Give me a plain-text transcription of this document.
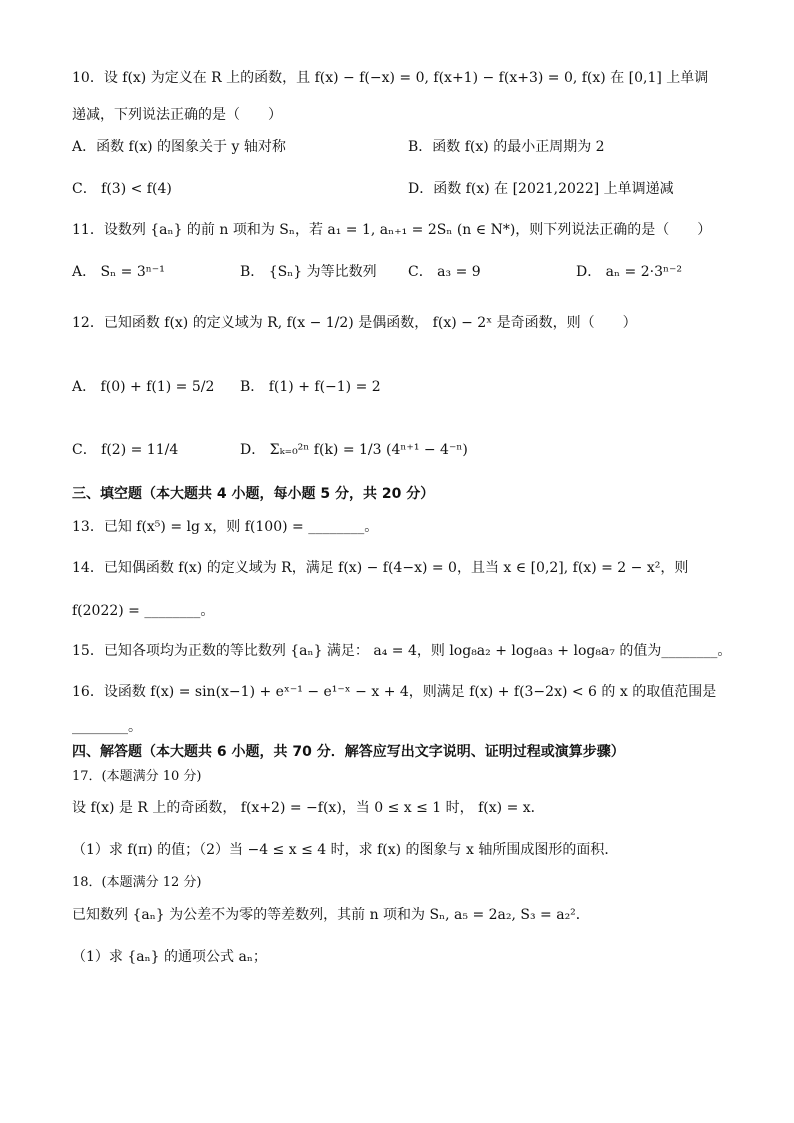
10．设 f(x) 为定义在 R 上的函数，且 f(x) − f(−x) = 0, f(x+1) − f(x+3) = 0, f(x) 在 [0,1] 上单调
递减，下列说法正确的是（　　）
A．函数 f(x) 的图象关于 y 轴对称	B．函数 f(x) 的最小正周期为 2
C． f(3) < f(4)	D．函数 f(x) 在 [2021,2022] 上单调递减
11．设数列 {aₙ} 的前 n 项和为 Sₙ，若 a₁ = 1, aₙ₊₁ = 2Sₙ (n ∈ N*)，则下列说法正确的是（　　）
A． Sₙ = 3ⁿ⁻¹	B． {Sₙ} 为等比数列 C． a₃ = 9	D． aₙ = 2·3ⁿ⁻²
12．已知函数 f(x) 的定义域为 R, f(x − 1/2) 是偶函数， f(x) − 2ˣ 是奇函数，则（　　）
A． f(0) + f(1) = 5/2 B． f(1) + f(−1) = 2
C． f(2) = 11/4	D． Σₖ₌₀²ⁿ f(k) = 1/3 (4ⁿ⁺¹ − 4⁻ⁿ)
三、填空题（本大题共 4 小题，每小题 5 分，共 20 分）
13．已知 f(x⁵) = lg x，则 f(100) = ________。
14．已知偶函数 f(x) 的定义域为 R，满足 f(x) − f(4−x) = 0，且当 x ∈ [0,2], f(x) = 2 − x²，则
f(2022) = ________。
15．已知各项均为正数的等比数列 {aₙ} 满足： a₄ = 4，则 log₈a₂ + log₈a₃ + log₈a₇ 的值为________。
16．设函数 f(x) = sin(x−1) + eˣ⁻¹ − e¹⁻ˣ − x + 4，则满足 f(x) + f(3−2x) < 6 的 x 的取值范围是
________。
四、解答题（本大题共 6 小题，共 70 分．解答应写出文字说明、证明过程或演算步骤）
17．(本题满分 10 分)
设 f(x) 是 R 上的奇函数， f(x+2) = −f(x)，当 0 ≤ x ≤ 1 时， f(x) = x．
（1）求 f(π) 的值；（2）当 −4 ≤ x ≤ 4 时，求 f(x) 的图象与 x 轴所围成图形的面积．
18．(本题满分 12 分)
已知数列 {aₙ} 为公差不为零的等差数列，其前 n 项和为 Sₙ, a₅ = 2a₂, S₃ = a₂²．
（1）求 {aₙ} 的通项公式 aₙ；
